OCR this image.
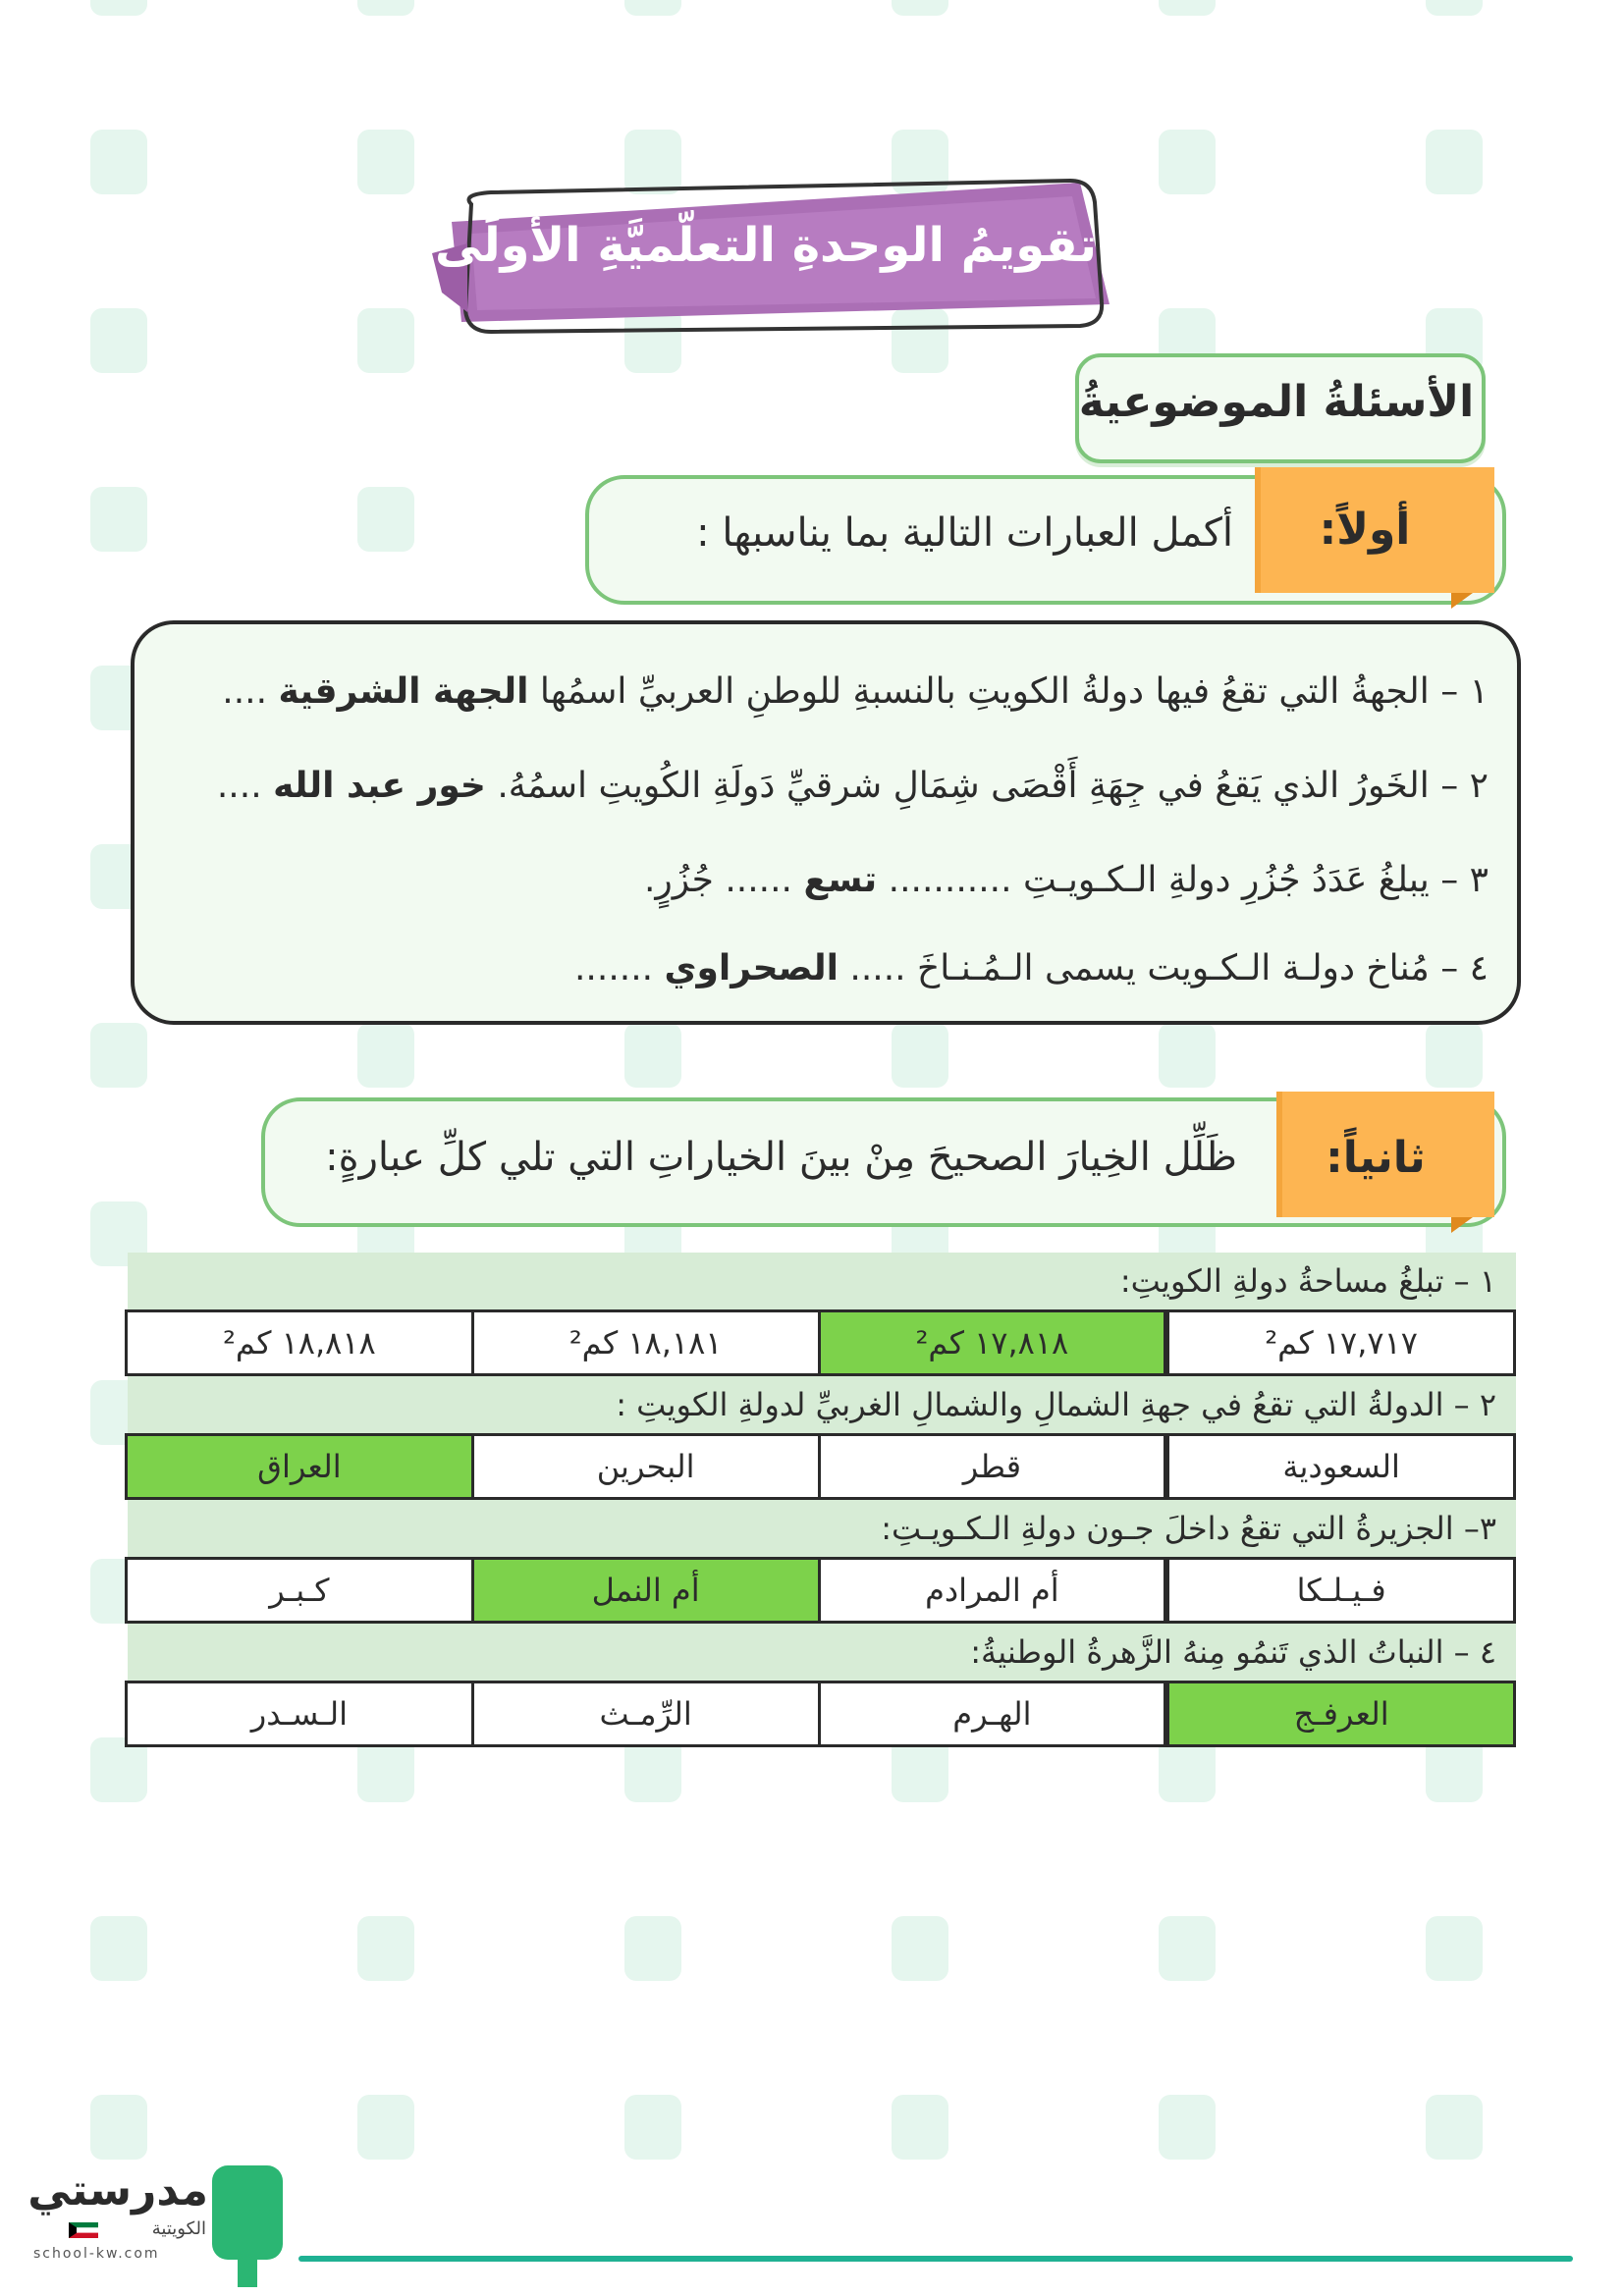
تقويمُ الوحدةِ التعلّميَّةِ الأُولَى
الأسئلةُ الموضوعيةُ
أولاً:
أكمل العبارات التالية بما يناسبها :
١ – الجهةُ التي تقعُ فيها دولةُ الكويتِ بالنسبةِ للوطنِ العربيِّ اسمُها الجهة الشرقية ....
٢ – الخَورُ الذي يَقعُ في جِهَةِ أَقْصَى شِمَالِ شرقيِّ دَولَةِ الكُويتِ اسمُهُ. خور عبد الله ....
٣ – يبلغُ عَدَدُ جُزُرِ دولةِ الـكـويـتِ ........... تسع ...... جُزُرٍ.
٤ – مُناخ دولـة الـكـويت يسمى الـمُـنـاخَ ..... الصحراوي .......
ثانياً:
ظَلِّل الخِيارَ الصحيحَ مِنْ بينَ الخياراتِ التي تلي كلِّ عبارةٍ:
١ – تبلغُ مساحةُ دولةِ الكويتِ:
١٧,٧١٧ كم²
١٧,٨١٨ كم²
١٨,١٨١ كم²
١٨,٨١٨ كم²
٢ – الدولةُ التي تقعُ في جهةِ الشمالِ والشمالِ الغربيِّ لدولةِ الكويتِ :
السعودية
قطر
البحرين
العراق
٣– الجزيرةُ التي تقعُ داخلَ جـون دولةِ الـكـويـتِ:
فـيـلـكا
أم المرادم
أم النمل
كـبـر
٤ – النباتُ الذي تَنمُو مِنهُ الزَّهرةُ الوطنيةُ:
العرفـج
الهـرم
الرِّمـث
الـسـدر
مدرستي
الكويتية
school-kw.com
